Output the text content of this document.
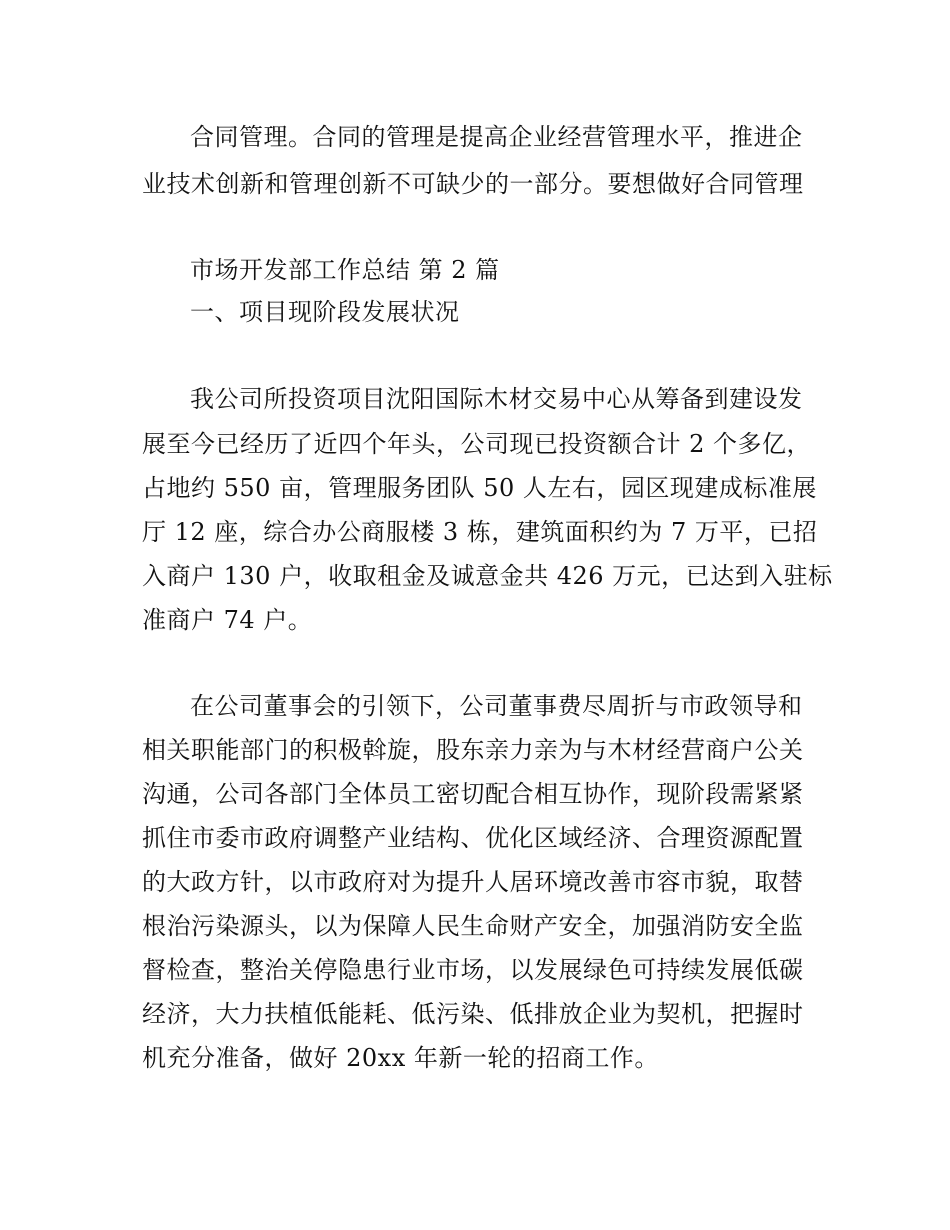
合同管理。合同的管理是提高企业经营管理水平，推进企
业技术创新和管理创新不可缺少的一部分。要想做好合同管理
市场开发部工作总结 第 2 篇
一、项目现阶段发展状况
我公司所投资项目沈阳国际木材交易中心从筹备到建设发
展至今已经历了近四个年头，公司现已投资额合计 2 个多亿，
占地约 550 亩，管理服务团队 50 人左右，园区现建成标准展
厅 12 座，综合办公商服楼 3 栋，建筑面积约为 7 万平，已招
入商户 130 户，收取租金及诚意金共 426 万元，已达到入驻标
准商户 74 户。
在公司董事会的引领下，公司董事费尽周折与市政领导和
相关职能部门的积极斡旋，股东亲力亲为与木材经营商户公关
沟通，公司各部门全体员工密切配合相互协作，现阶段需紧紧
抓住市委市政府调整产业结构、优化区域经济、合理资源配置
的大政方针，以市政府对为提升人居环境改善市容市貌，取替
根治污染源头，以为保障人民生命财产安全，加强消防安全监
督检查，整治关停隐患行业市场，以发展绿色可持续发展低碳
经济，大力扶植低能耗、低污染、低排放企业为契机，把握时
机充分准备，做好 20xx 年新一轮的招商工作。
